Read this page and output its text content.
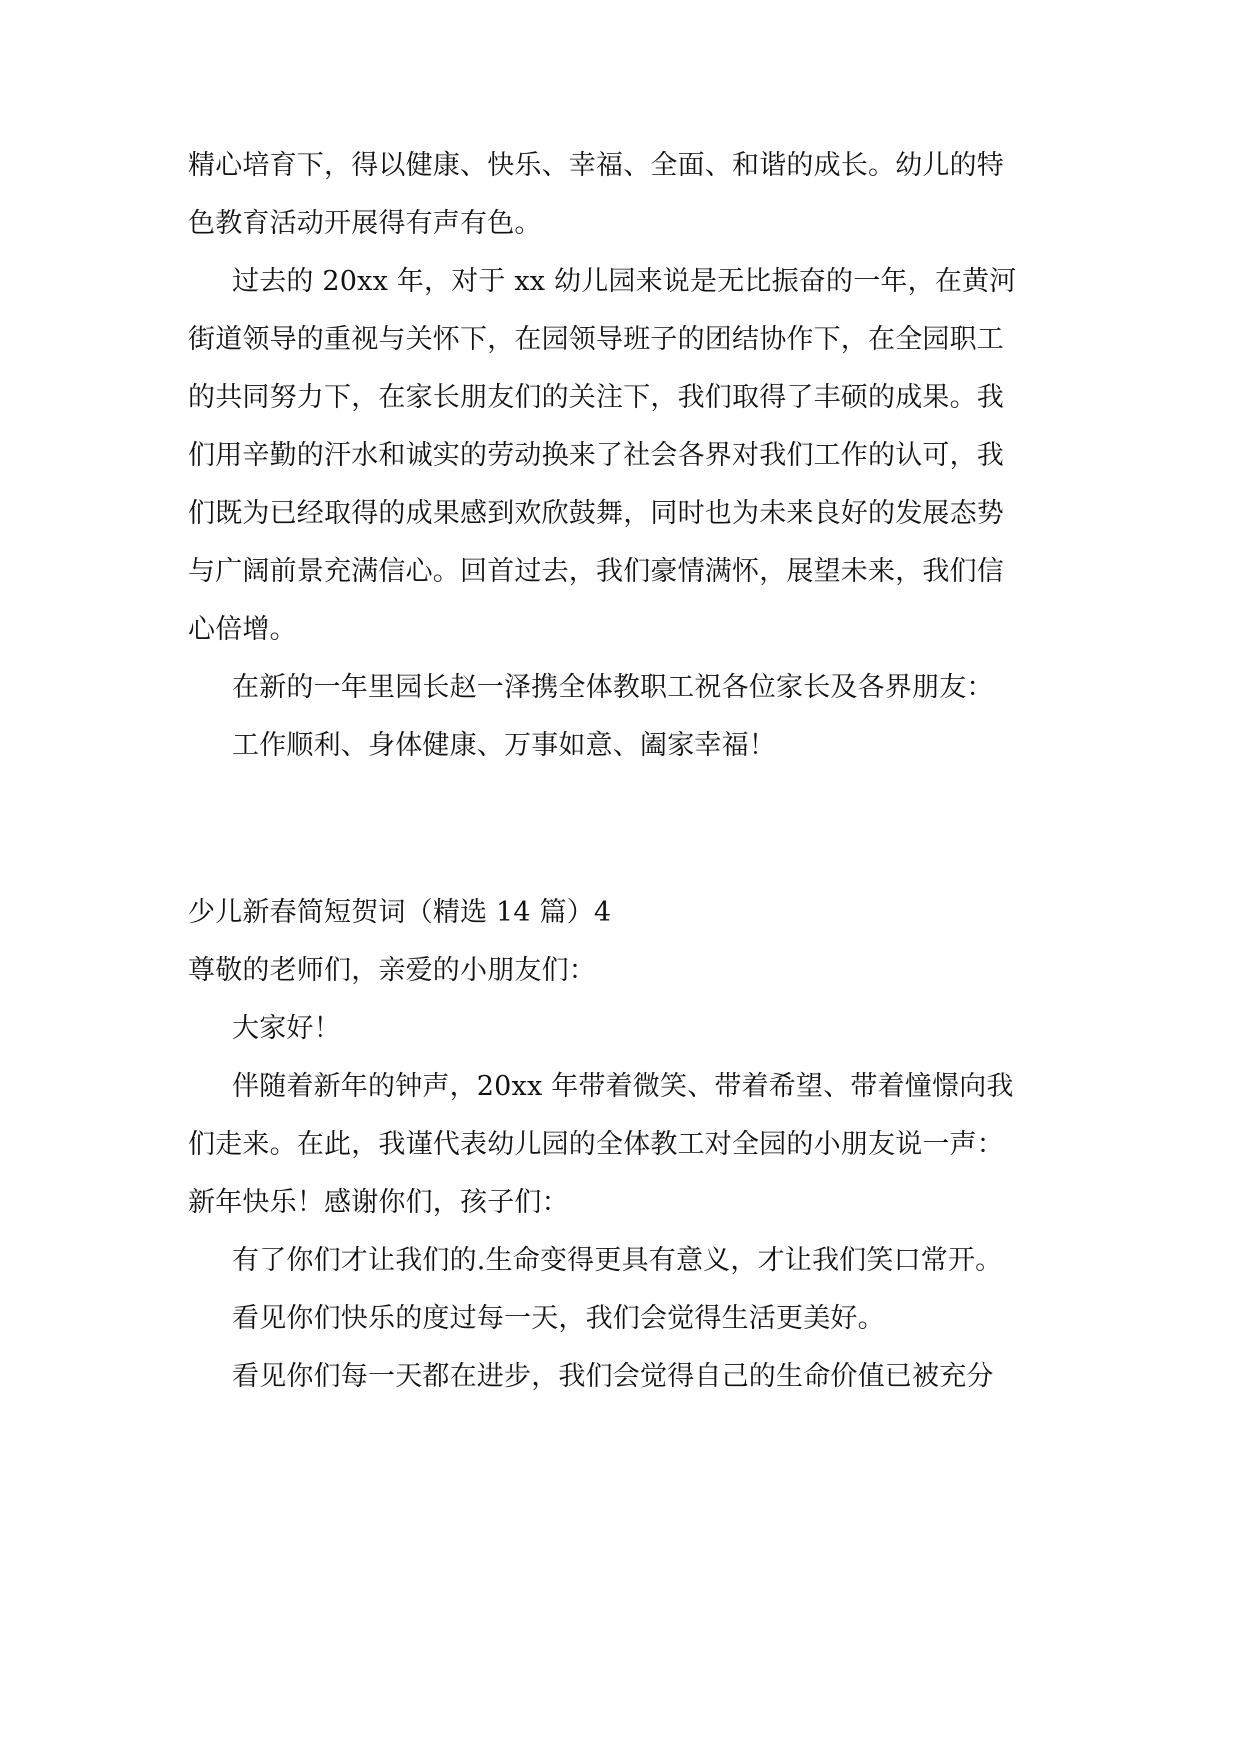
精心培育下，得以健康、快乐、幸福、全面、和谐的成长。幼儿的特
色教育活动开展得有声有色。
过去的 20xx 年，对于 xx 幼儿园来说是无比振奋的一年，在黄河
街道领导的重视与关怀下，在园领导班子的团结协作下，在全园职工
的共同努力下，在家长朋友们的关注下，我们取得了丰硕的成果。我
们用辛勤的汗水和诚实的劳动换来了社会各界对我们工作的认可，我
们既为已经取得的成果感到欢欣鼓舞，同时也为未来良好的发展态势
与广阔前景充满信心。回首过去，我们豪情满怀，展望未来，我们信
心倍增。
在新的一年里园长赵一泽携全体教职工祝各位家长及各界朋友：
工作顺利、身体健康、万事如意、阖家幸福！
少儿新春简短贺词（精选 14 篇）4
尊敬的老师们，亲爱的小朋友们：
大家好！
伴随着新年的钟声，20xx 年带着微笑、带着希望、带着憧憬向我
们走来。在此，我谨代表幼儿园的全体教工对全园的小朋友说一声：
新年快乐！感谢你们，孩子们：
有了你们才让我们的.生命变得更具有意义，才让我们笑口常开。
看见你们快乐的度过每一天，我们会觉得生活更美好。
看见你们每一天都在进步，我们会觉得自己的生命价值已被充分
